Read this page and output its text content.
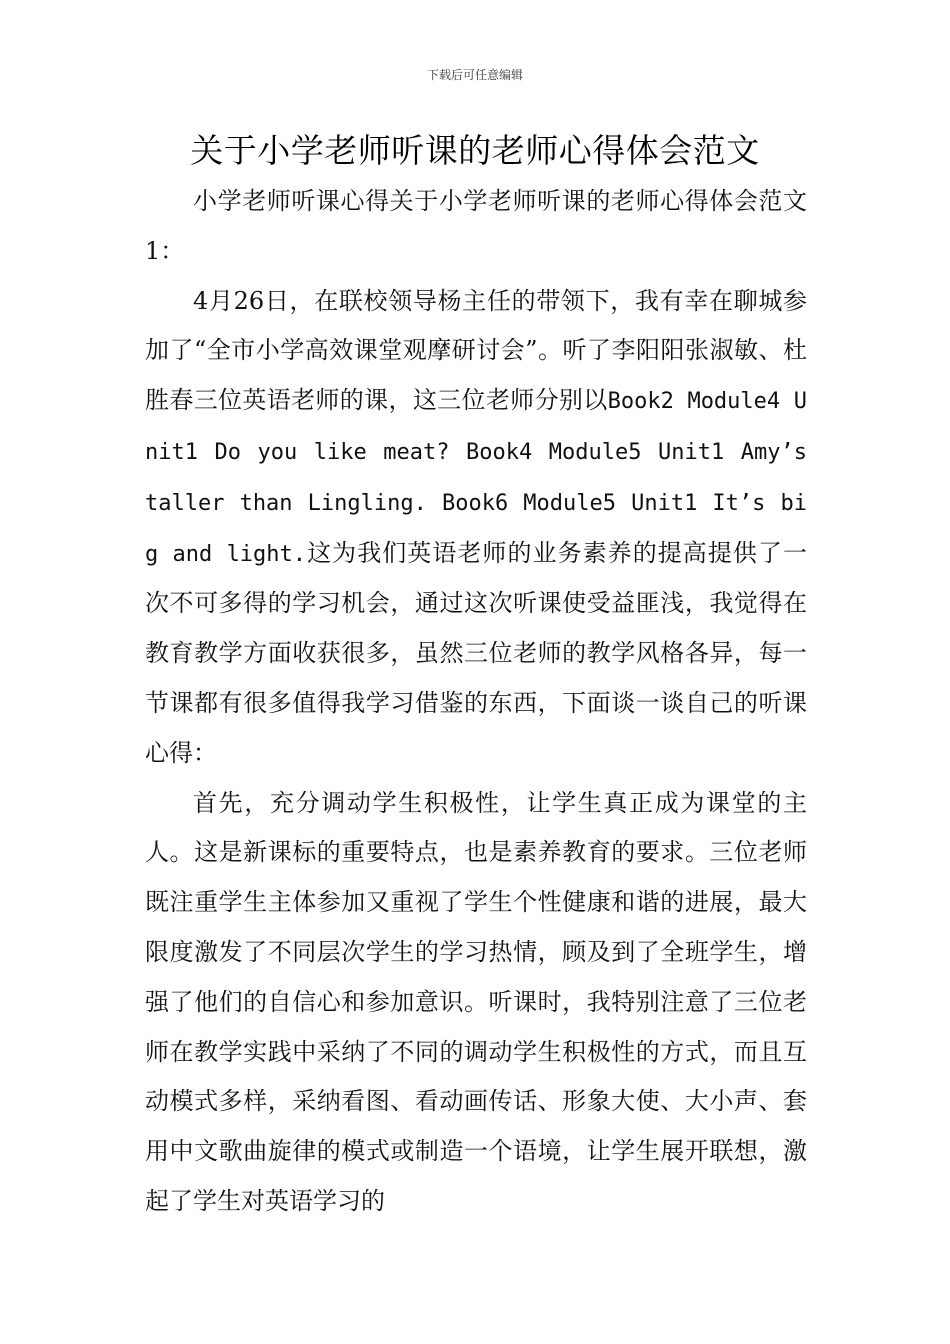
下载后可任意编辑
关于小学老师听课的老师心得体会范文

小学老师听课心得关于小学老师听课的老师心得体会范文1：

4月26日，在联校领导杨主任的带领下，我有幸在聊城参加了“全市小学高效课堂观摩研讨会”。听了李阳阳张淑敏、杜胜春三位英语老师的课，这三位老师分别以Book2 Module4 Unit1 Do you like meat? Book4 Module5 Unit1 Amy’s taller than Lingling. Book6 Module5 Unit1 It’s big and light.这为我们英语老师的业务素养的提高提供了一次不可多得的学习机会，通过这次听课使受益匪浅，我觉得在教育教学方面收获很多，虽然三位老师的教学风格各异，每一节课都有很多值得我学习借鉴的东西，下面谈一谈自己的听课心得：

首先，充分调动学生积极性，让学生真正成为课堂的主人。这是新课标的重要特点，也是素养教育的要求。三位老师既注重学生主体参加又重视了学生个性健康和谐的进展，最大限度激发了不同层次学生的学习热情，顾及到了全班学生，增强了他们的自信心和参加意识。听课时，我特别注意了三位老师在教学实践中采纳了不同的调动学生积极性的方式，而且互动模式多样，采纳看图、看动画传话、形象大使、大小声、套用中文歌曲旋律的模式或制造一个语境，让学生展开联想，激起了学生对英语学习的
